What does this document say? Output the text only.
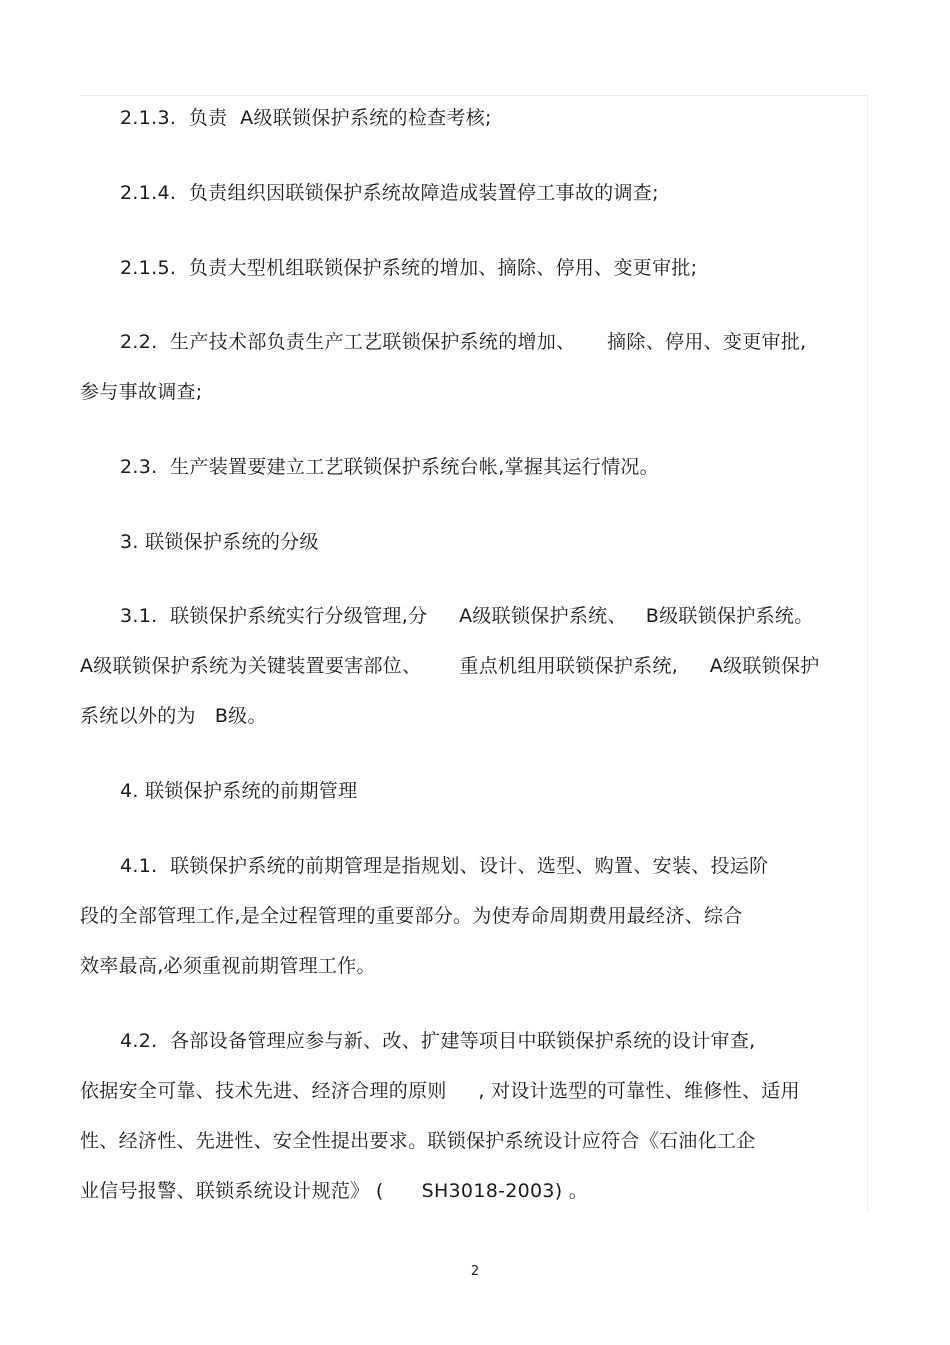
2.1.3.  负责  A级联锁保护系统的检查考核;
2.1.4.  负责组织因联锁保护系统故障造成装置停工事故的调查;
2.1.5.  负责大型机组联锁保护系统的增加、摘除、停用、变更审批;
2.2.  生产技术部负责生产工艺联锁保护系统的增加、     摘除、停用、变更审批,
参与事故调查;
2.3.  生产装置要建立工艺联锁保护系统台帐,掌握其运行情况。
3. 联锁保护系统的分级
3.1.  联锁保护系统实行分级管理,分     A级联锁保护系统、   B级联锁保护系统。
A级联锁保护系统为关键装置要害部位、      重点机组用联锁保护系统,     A级联锁保护
系统以外的为   B级。
4. 联锁保护系统的前期管理
4.1.  联锁保护系统的前期管理是指规划、设计、选型、购置、安装、投运阶
段的全部管理工作,是全过程管理的重要部分。为使寿命周期费用最经济、综合
效率最高,必须重视前期管理工作。
4.2.  各部设备管理应参与新、改、扩建等项目中联锁保护系统的设计审查,
依据安全可靠、技术先进、经济合理的原则     , 对设计选型的可靠性、维修性、适用
性、经济性、先进性、安全性提出要求。联锁保护系统设计应符合《石油化工企
业信号报警、联锁系统设计规范》 (      SH3018-2003) 。
2
